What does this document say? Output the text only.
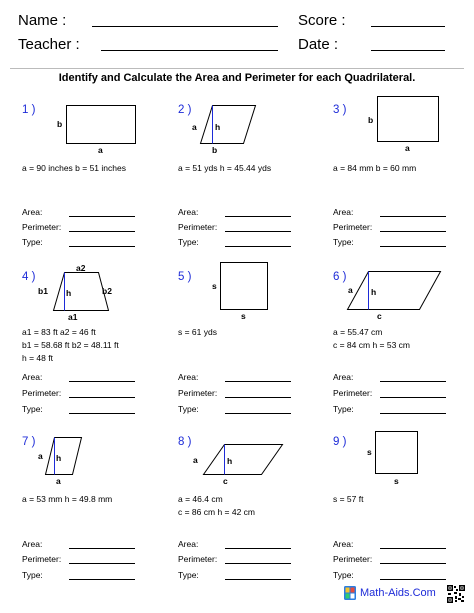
Name :	Score :
Teacher :	Date :
Identify and Calculate the Area and Perimeter for each Quadrilateral.
1 )
b
a
a = 90 inches b = 51 inches
2 )
a h
b
a = 51 yds h = 45.44 yds
3 )
b
a
a = 84 mm b = 60 mm
Area:
Perimeter:
Type:
Area:
Perimeter:
Type:
Area:
Perimeter:
Type:
4 )
a2
b1 h	b2
a1
a1 = 83 ft a2 = 46 ft
b1 = 58.68 ft b2 = 48.11 ft
h = 48 ft
5 )
s
s
s = 61 yds
6 )
a h
c
a = 55.47 cm
c = 84 cm h = 53 cm
Area:
Perimeter:
Type:
Area:
Perimeter:
Type:
Area:
Perimeter:
Type:
7 )
a h
a
a = 53 mm h = 49.8 mm
8 )
a	h
c
a = 46.4 cm
c = 86 cm h = 42 cm
9 )
s
s
s = 57 ft
Area:
Perimeter:
Type:
Area:
Perimeter:
Type:
Area:
Perimeter:
Type:
Math-Aids.Com
